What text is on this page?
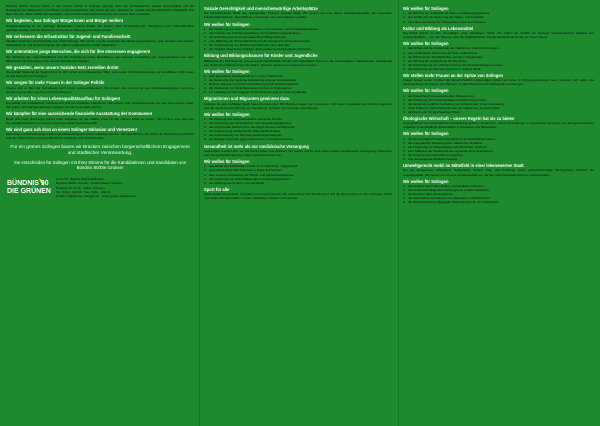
Bündnis 90/Die Grünen haben in den letzten Jahren in Solingen gezeigt, dass der Umweltschutz, soziale Gerechtigkeit und die Beteiligung der Bürgerinnen und Bürger zusammengehören. Wir stehen für eine ökologische, soziale und demokratische Stadtpolitik und laden Sie ein, diese Politik mitzugestalten. Nur mit Ihrer Unterstützung können wir unsere Ziele umsetzen.
Wir begleiten, was Solinger Bürgerinnen und Bürger wollen!
Bürgerbeteiligung ist ein wichtiger Bestandteil unserer Politik. Wir wollen, dass Entscheidungen transparent und nachvollziehbar getroffen werden und die Menschen frühzeitig an Planungen beteiligt werden.
Wir verbessern die Infrastruktur für Jugend- und Familienarbeit!
Familien brauchen Anerkennung und Unterstützung. Wir setzen uns für ausreichende Betreuungsangebote, gute Schulen und sichere Spielplätze ein und fördern Projekte der offenen Jugendarbeit in allen Stadtteilen.
Wir unterstützen junge Menschen, die sich für ihre Interessen engagieren!
Die Stärkung des Jugendstadtrates und die Umsetzung seiner Beschlüsse, eine bessere Ausstattung der Jugendzentren und mehr Mitsprache bei Planungen sind uns ein besonderes Anliegen.
Wir gestalten, wenn unsere Soziales Netz zerreißen droht!
Die soziale Spaltung der Stadt nimmt zu. Wir setzen auf vorbeugende Hilfen, eine starke Schuldnerberatung und bezahlbaren Wohnraum für alle Menschen in Solingen.
Wir sorgen für mehr Frauen in der Solinger Politik!
Frauen sind in Rat und Verwaltung noch immer unterrepräsentiert. Wir fordern die Umsetzung des Gleichstellungsplans und eine Quotierung bei allen Gremien und Ausschüssen.
Wir arbeiten für einen Lebensqualitätsaufbau für Solingen!
Der Erhalt von Grünflächen, saubere Luft und ein attraktiver öffentlicher Nahverkehr sind Voraussetzungen für eine lebenswerte Stadt. Wir wollen den Flächenverbrauch stoppen und die Innenstadt beleben.
Wir kämpfen für eine ausreichende finanzielle Ausstattung der Kommunen!
Bund und Land übertragen immer mehr Aufgaben an die Städte, ohne für die nötigen Mittel zu sorgen. Wir fordern eine gerechte Gemeindefinanzreform und setzen auf eine solide Haushaltspolitik.
Wir sind ganz nah dran an einem Solinger Inklusion und Vernetzen!
Menschen mit Behinderungen sollen gleichberechtigt am Leben teilhaben können. Wir unterstützen die Arbeit der Behindertenverbände und den barrierefreien Ausbau öffentlicher Gebäude und Verkehrsmittel.
Für ein grünes Solingen bauen wir Brücken zwischen bürgerschaftlichem Engagement und städtischer Verantwortung.
Sie entscheiden für Solingen mit Ihrer Stimme für die Kandidatinnen und Kandidaten von Bündnis 90/Die Grünen!
BÜNDNIS 90
DIE GRÜNEN
V.i.S.d.P.: Martina Zsack-Möllmann
Bündnis 90/Die Grünen – Kreisverband Solingen
Postfach 10 11 40 · 42611 Solingen
Tel.: 0212 - 200 20 · Fax: 0212 - 200 21
E-Mail: kv@gruene-solingen.de · www.gruene-solingen.de
Soziale Gerechtigkeit und menschenwürdige Arbeitsplätze
Die Arbeitslosigkeit bleibt das drängendste Problem unserer Stadt. Wir setzen auf eine aktive Arbeitsmarktpolitik, die besonders Langzeitarbeitslosen, Jugendlichen und Frauen neue Perspektiven eröffnet.
Wir wollen für Solingen
1. die Förderung von kleinen und mittleren Unternehmen und Handwerksbetrieben
2. den Ausbau von Ausbildungsplätzen und Qualifizierungsangeboten
3. die Einrichtung eines kommunalen Beschäftigungsfonds
4. eine Stärkung der Wirtschaftsförderung für ökologische Zukunftsbranchen
5. die Unterstützung von Existenzgründerinnen und -gründern
6. die Vergabe öffentlicher Aufträge nach sozialen und ökologischen Kriterien
Bildung und Bildungschancen für Kinder und Jugendliche
Bildung ist der Schlüssel für eine gerechte Gesellschaft. Kinder und Jugendliche brauchen die bestmöglichen Startchancen, unabhängig von Herkunft und Einkommen der Eltern. Schulen müssen zu Lebensorten werden.
Wir wollen für Solingen
1. eine gebundene Ganztagsschule in jedem Stadtbezirk
2. die Sanierung und moderne Ausstattung unserer Schulgebäude
3. kleinere Klassen und mehr Unterstützung durch Schulsozialarbeit
4. die Förderung von Sprachkompetenz schon im Kindergarten
5. ein bedarfsgerechtes Angebot an Kinderbetreuung für unter Dreijährige
Migrantinnen und Migranten gewinnen dazu
Solingen ist eine vielfältige Stadt. Menschen aus über 100 Nationen leben hier zusammen. Wir wollen Integration als Chance begreifen und die interkulturelle Öffnung von Verwaltung, Schulen und Vereinen voranbringen.
Wir wollen für Solingen
1. die Stärkung des Integrationsrates und seiner Rechte
2. die Förderung von Sprachkursen und Integrationsangeboten
3. das kommunale Wahlrecht für alle Migrantinnen und Migranten
4. die Anerkennung ausländischer Bildungsabschlüsse
5. die Unterstützung von Migrantenselbstorganisationen
6. ein Solinger Netzwerk gegen Rassismus und Diskriminierung
Gesundheit ist mehr als nur medizinische Versorgung
Gesundheit entsteht dort, wo Menschen leben und arbeiten. Wir setzen uns für eine wohnortnahe medizinische Versorgung, Prävention und Gesundheitsförderung in allen Lebensbereichen ein.
Wir wollen für Solingen
1. den Erhalt des Städtischen Klinikums in öffentlicher Trägerschaft
2. gesundheitsfördernde Angebote in Kitas und Schulen
3. eine bessere Vernetzung der Pflege- und Gesundheitsdienste
4. die Förderung von Selbsthilfegruppen und Beratungsstellen
5. die Stärkung der Drogen- und Suchthilfe
Sport für alle
Sport fördert Gesundheit, Integration und Gemeinschaft. Wir unterstützen den Breitensport und die Sportvereine in ihrer wichtigen Arbeit und wollen die Sportstätten in allen Stadtteilen erhalten und sanieren.
Wir wollen für Solingen
1. die Öffnung der Schulhöfe als Spiel- und Bewegungsräume
2. den Erhalt und die Sanierung der Hallen- und Freibäder
3. eine faire Verteilung der Hallenzeiten unter den Vereinen
Kultur und Bildung als Lebensmittel
Die Kultur gehört zu den Grundlagen einer lebendigen Stadt. Wir wollen die Vielfalt der Solinger Kulturlandschaft erhalten und weiterentwickeln – von den Museen über die Stadtbibliothek und die Musikschule bis hin zur freien Szene.
Wir wollen für Solingen
1. den Erhalt und die Attraktivität der städtischen Kultureinrichtungen
2. eine verlässliche Förderung der freien Kulturszene
3. die Stärkung der Stadtbibliothek und ihrer Zweigstellen
4. die Öffnung der Musikschule für alle Kinder
5. die Unterstützung der Volkshochschule als Ort lebenslangen Lernens
6. die Förderung der Erinnerungskultur in unserer Stadt
Wir stellen mehr Frauen an der Spitze von Solingen
Frauen leisten einen Großteil der gesellschaftlich notwendigen Arbeit, sind aber in Führungspositionen kaum vertreten. Wir wollen die Gleichstellung von Frauen und Männern in allen Bereichen der Stadtpolitik voranbringen.
Wir wollen für Solingen
1. ein Frauenhaus mit ausreichender Finanzierung
2. die Förderung von Frauenprojekten und Beratungsstellen
3. die familienfreundliche Gestaltung von Arbeitszeiten in der Verwaltung
4. mehr Frauen in Führungspositionen der städtischen Gesellschaften
5. gleichen Lohn für gleichwertige Arbeit
Ökologische Wirtschaft – unsere Regeln hat sie zu bieten
Umweltschutz und wirtschaftliche Entwicklung gehören zusammen. Durch Investitionen in erneuerbare Energien und Energieeinsparung entstehen zukunftsfähige Arbeitsplätze in Handwerk und Mittelstand.
Wir wollen für Solingen
1. ein kommunales Klimaschutzprogramm mit verbindlichen Zielen
2. die energetische Sanierung aller städtischen Gebäude
3. die Förderung von Solaranlagen auf öffentlichen Dächern
4. eine Stärkung der Stadtwerke als regionaler Energieversorger
5. die Nutzung von Kraft-Wärme-Kopplung
6. eine konsequente Abfallvermeidung
Umweltgerecht mobil im Mittelfeld in einer lebenswerten Stadt
Ein gut ausgebauter öffentlicher Nahverkehr, sichere Rad- und Fußwege sowie verkehrsberuhigte Wohngebiete erhöhen die Lebensqualität. Wir setzen uns für eine Verkehrspolitik ein, die alle Verkehrsteilnehmerinnen berücksichtigt.
Wir wollen für Solingen
1. den Ausbau des O-Bus-Netzes und attraktive Taktzeiten
2. ein zusammenhängendes Radwegenetz in allen Stadtteilen
3. Tempo 30 in allen Wohngebieten
4. die barrierefreie Gestaltung von Haltestellen und Bahnhöfen
5. die Wiederbelebung stillgelegter Bahnstrecken für den Nahverkehr
